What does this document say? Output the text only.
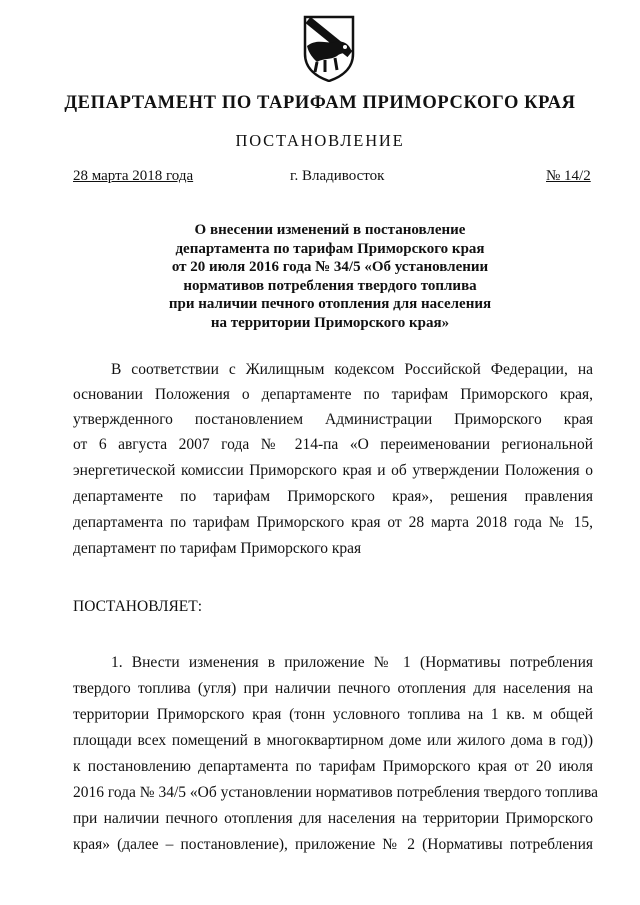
ДЕПАРТАМЕНТ ПО ТАРИФАМ ПРИМОРСКОГО КРАЯ
ПОСТАНОВЛЕНИЕ
28 марта 2018 года	г. Владивосток	№ 14/2
О внесении изменений в постановление
департамента по тарифам Приморского края
от 20 июля 2016 года № 34/5 «Об установлении
нормативов потребления твердого топлива
при наличии печного отопления для населения
на территории Приморского края»
В соответствии с Жилищным кодексом Российской Федерации, на
основании Положения о департаменте по тарифам Приморского края,
утвержденного постановлением Администрации Приморского края
от 6 августа 2007 года № 214-па «О переименовании региональной
энергетической комиссии Приморского края и об утверждении Положения о
департаменте по тарифам Приморского края», решения правления
департамента по тарифам Приморского края от 28 марта 2018 года № 15,
департамент по тарифам Приморского края
ПОСТАНОВЛЯЕТ:
1. Внести изменения в приложение № 1 (Нормативы потребления
твердого топлива (угля) при наличии печного отопления для населения на
территории Приморского края (тонн условного топлива на 1 кв. м общей
площади всех помещений в многоквартирном доме или жилого дома в год))
к постановлению департамента по тарифам Приморского края от 20 июля
2016 года № 34/5 «Об установлении нормативов потребления твердого топлива
при наличии печного отопления для населения на территории Приморского
края» (далее – постановление), приложение № 2 (Нормативы потребления
